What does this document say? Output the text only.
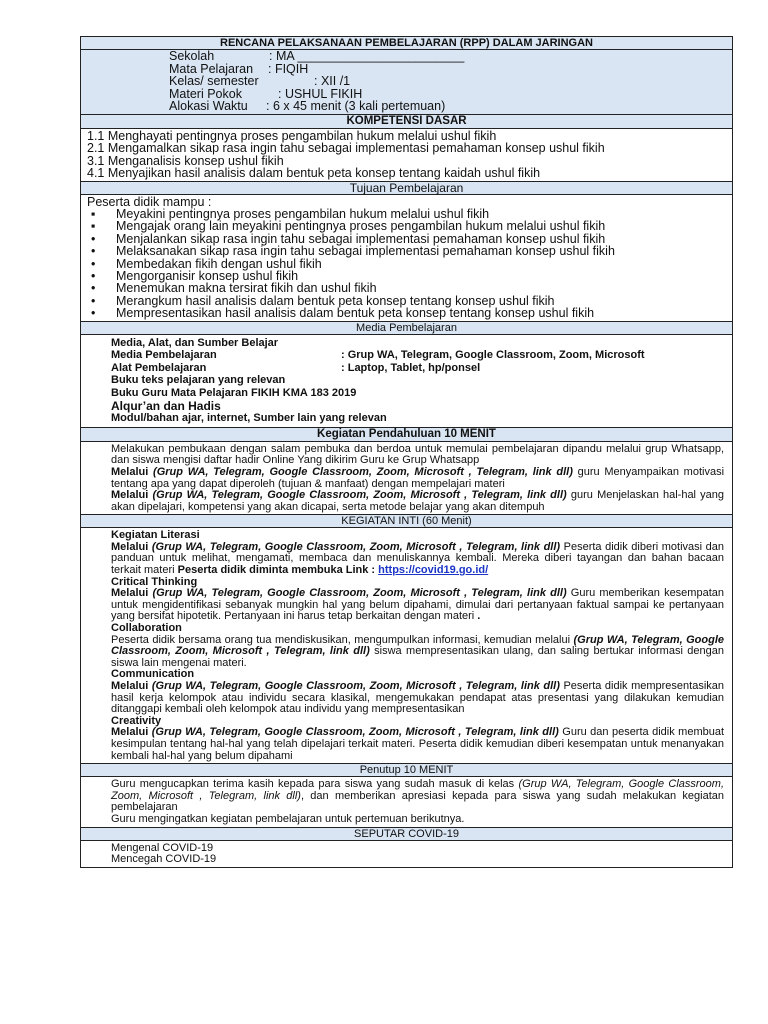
RENCANA PELAKSANAAN PEMBELAJARAN (RPP) DALAM JARINGAN
Sekolah	: MA ________________________
Mata Pelajaran : FIQIH
Kelas/ semester	: XII /1
Materi Pokok	: USHUL FIKIH
Alokasi Waktu : 6 x 45 menit (3 kali pertemuan)
KOMPETENSI DASAR
1.1 Menghayati pentingnya proses pengambilan hukum melalui ushul fikih
2.1 Mengamalkan sikap rasa ingin tahu sebagai implementasi pemahaman konsep ushul fikih
3.1 Menganalisis konsep ushul fikih
4.1 Menyajikan hasil analisis dalam bentuk peta konsep tentang kaidah ushul fikih
Tujuan Pembelajaran
Peserta didik mampu :
▪ Meyakini pentingnya proses pengambilan hukum melalui ushul fikih
▪ Mengajak orang lain meyakini pentingnya proses pengambilan hukum melalui ushul fikih
• Menjalankan sikap rasa ingin tahu sebagai implementasi pemahaman konsep ushul fikih
• Melaksanakan sikap rasa ingin tahu sebagai implementasi pemahaman konsep ushul fikih
• Membedakan fikih dengan ushul fikih
• Mengorganisir konsep ushul fikih
• Menemukan makna tersirat fikih dan ushul fikih
• Merangkum hasil analisis dalam bentuk peta konsep tentang konsep ushul fikih
• Mempresentasikan hasil analisis dalam bentuk peta konsep tentang konsep ushul fikih
Media Pembelajaran
Media, Alat, dan Sumber Belajar
Media Pembelajaran	: Grup WA, Telegram, Google Classroom, Zoom, Microsoft
Alat Pembelajaran	: Laptop, Tablet, hp/ponsel
Buku teks pelajaran yang relevan
Buku Guru Mata Pelajaran FIKIH KMA 183 2019
Alqur’an dan Hadis
Modul/bahan ajar, internet, Sumber lain yang relevan
Kegiatan Pendahuluan 10 MENIT

Melakukan pembukaan dengan salam pembuka dan berdoa untuk memulai pembelajaran dipandu melalui grup Whatsapp, dan siswa mengisi daftar hadir Online Yang dikirim Guru ke Grup Whatsapp

Melalui (Grup WA, Telegram, Google Classroom, Zoom, Microsoft , Telegram, link dll) guru Menyampaikan motivasi tentang apa yang dapat diperoleh (tujuan & manfaat) dengan mempelajari materi

Melalui (Grup WA, Telegram, Google Classroom, Zoom, Microsoft , Telegram, link dll) guru Menjelaskan hal-hal yang akan dipelajari, kompetensi yang akan dicapai, serta metode belajar yang akan ditempuh

KEGIATAN INTI (60 Menit)

Kegiatan Literasi

Melalui (Grup WA, Telegram, Google Classroom, Zoom, Microsoft , Telegram, link dll) Peserta didik diberi motivasi dan panduan untuk melihat, mengamati, membaca dan menuliskannya kembali. Mereka diberi tayangan dan bahan bacaan terkait materi Peserta didik diminta membuka Link : https://covid19.go.id/

Critical Thinking

Melalui (Grup WA, Telegram, Google Classroom, Zoom, Microsoft , Telegram, link dll) Guru memberikan kesempatan untuk mengidentifikasi sebanyak mungkin hal yang belum dipahami, dimulai dari pertanyaan faktual sampai ke pertanyaan yang bersifat hipotetik. Pertanyaan ini harus tetap berkaitan dengan materi .

Collaboration

Peserta didik bersama orang tua mendiskusikan, mengumpulkan informasi, kemudian melalui (Grup WA, Telegram, Google Classroom, Zoom, Microsoft , Telegram, link dll) siswa mempresentasikan ulang, dan saling bertukar informasi dengan siswa lain mengenai materi.

Communication

Melalui (Grup WA, Telegram, Google Classroom, Zoom, Microsoft , Telegram, link dll) Peserta didik mempresentasikan hasil kerja kelompok atau individu secara klasikal, mengemukakan pendapat atas presentasi yang dilakukan kemudian ditanggapi kembali oleh kelompok atau individu yang mempresentasikan

Creativity

Melalui (Grup WA, Telegram, Google Classroom, Zoom, Microsoft , Telegram, link dll) Guru dan peserta didik membuat kesimpulan tentang hal-hal yang telah dipelajari terkait materi. Peserta didik kemudian diberi kesempatan untuk menanyakan kembali hal-hal yang belum dipahami

Penutup 10 MENIT

Guru mengucapkan terima kasih kepada para siswa yang sudah masuk di kelas (Grup WA, Telegram, Google Classroom, Zoom, Microsoft , Telegram, link dll), dan memberikan apresiasi kepada para siswa yang sudah melakukan kegiatan pembelajaran

Guru mengingatkan kegiatan pembelajaran untuk pertemuan berikutnya.

SEPUTAR COVID-19

Mengenal COVID-19

Mencegah COVID-19
